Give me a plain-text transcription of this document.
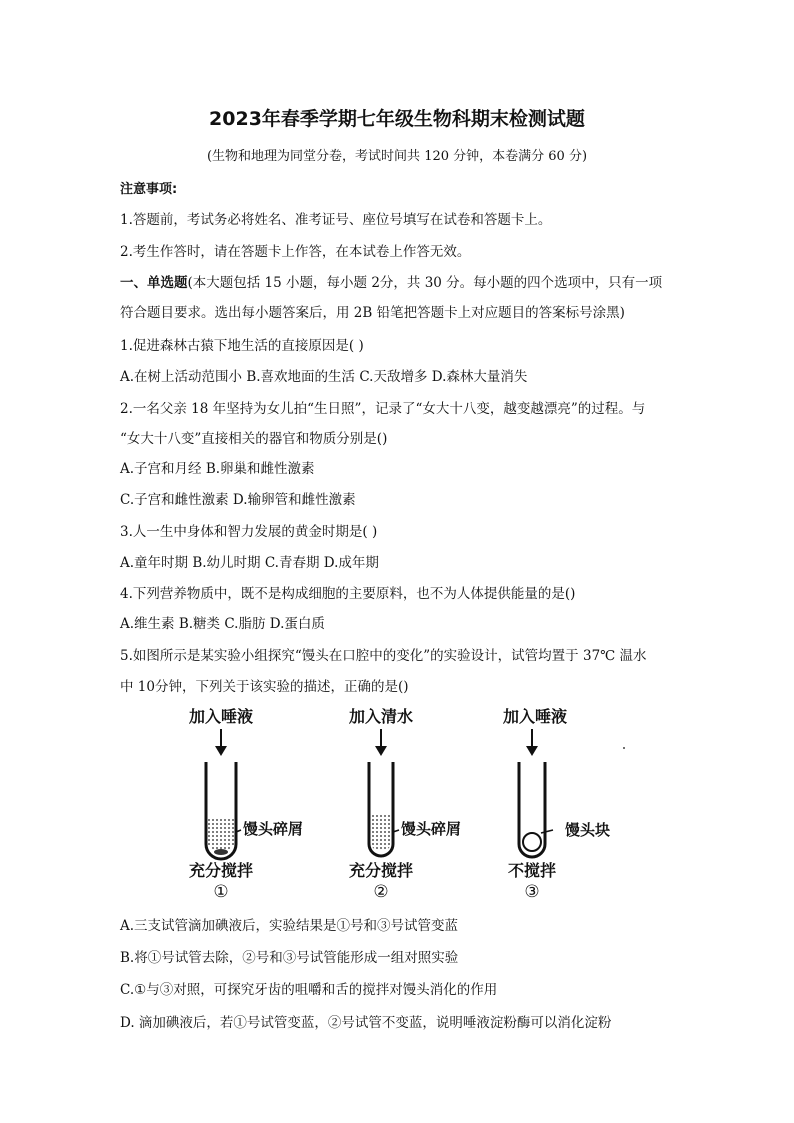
2023年春季学期七年级生物科期末检测试题
(生物和地理为同堂分卷，考试时间共 120 分钟，本卷满分 60 分)
注意事项:
1.答题前，考试务必将姓名、准考证号、座位号填写在试卷和答题卡上。
2.考生作答时，请在答题卡上作答，在本试卷上作答无效。
一、单选题(本大题包括 15 小题，每小题 2分，共 30 分。每小题的四个选项中，只有一项
符合题目要求。选出每小题答案后，用 2B 铅笔把答题卡上对应题目的答案标号涂黑)
1.促进森林古猿下地生活的直接原因是( )
A.在树上活动范围小 B.喜欢地面的生活 C.天敌增多 D.森林大量消失
2.一名父亲 18 年坚持为女儿拍“生日照”，记录了“女大十八变，越变越漂亮”的过程。与
“女大十八变”直接相关的器官和物质分别是()
A.子宫和月经 B.卵巢和雌性激素
C.子宫和雌性激素 D.输卵管和雌性激素
3.人一生中身体和智力发展的黄金时期是( )
A.童年时期 B.幼儿时期 C.青春期 D.成年期
4.下列营养物质中，既不是构成细胞的主要原料，也不为人体提供能量的是()
A.维生素 B.糖类 C.脂肪 D.蛋白质
5.如图所示是某实验小组探究“馒头在口腔中的变化”的实验设计，试管均置于 37℃ 温水
中 10分钟，下列关于该实验的描述，正确的是()
加入唾液
馒头碎屑
充分搅拌
①
加入清水
馒头碎屑
充分搅拌
②
加入唾液
馒头块
不搅拌
③
A.三支试管滴加碘液后，实验结果是①号和③号试管变蓝
B.将①号试管去除，②号和③号试管能形成一组对照实验
C.①与③对照，可探究牙齿的咀嚼和舌的搅拌对馒头消化的作用
D. 滴加碘液后，若①号试管变蓝，②号试管不变蓝，说明唾液淀粉酶可以消化淀粉
